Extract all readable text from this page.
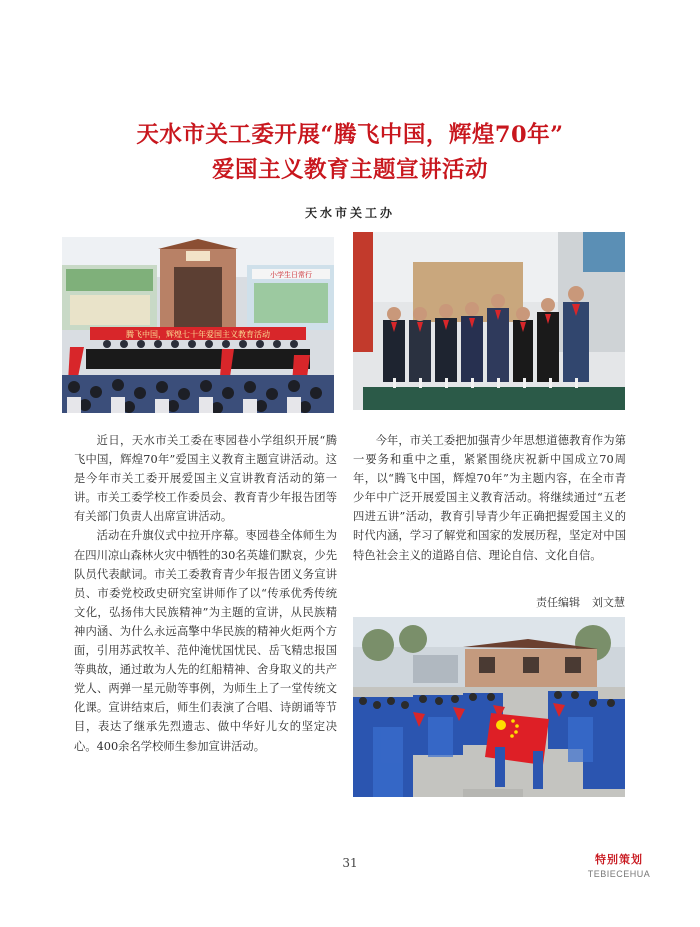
天水市关工委开展“腾飞中国，辉煌70年”
爱国主义教育主题宣讲活动
天水市关工办
小学生日常行
腾飞中国，辉煌七十年爱国主义教育活动

近日，天水市关工委在枣园巷小学组织开展“腾飞中国，辉煌70年”爱国主义教育主题宣讲活动。这是今年市关工委开展爱国主义宣讲教育活动的第一讲。市关工委学校工作委员会、教育青少年报告团等有关部门负责人出席宣讲活动。

活动在升旗仪式中拉开序幕。枣园巷全体师生为在四川凉山森林火灾中牺牲的30名英雄们默哀，少先队员代表献词。市关工委教育青少年报告团义务宣讲员、市委党校政史研究室讲师作了以“传承优秀传统文化，弘扬伟大民族精神”为主题的宣讲，从民族精神内涵、为什么永远高擎中华民族的精神火炬两个方面，引用苏武牧羊、范仲淹忧国忧民、岳飞精忠报国等典故，通过敢为人先的红船精神、舍身取义的共产党人、两弹一星元勋等事例，为师生上了一堂传统文化课。宣讲结束后，师生们表演了合唱、诗朗诵等节目，表达了继承先烈遗志、做中华好儿女的坚定决心。400余名学校师生参加宣讲活动。

今年，市关工委把加强青少年思想道德教育作为第一要务和重中之重，紧紧围绕庆祝新中国成立70周年，以“腾飞中国，辉煌70年”为主题内容，在全市青少年中广泛开展爱国主义教育活动。将继续通过“五老四进五讲”活动，教育引导青少年正确把握爱国主义的时代内涵，学习了解党和国家的发展历程，坚定对中国特色社会主义的道路自信、理论自信、文化自信。

责任编辑 刘文慧
31	特别策划
TEBIECEHUA
